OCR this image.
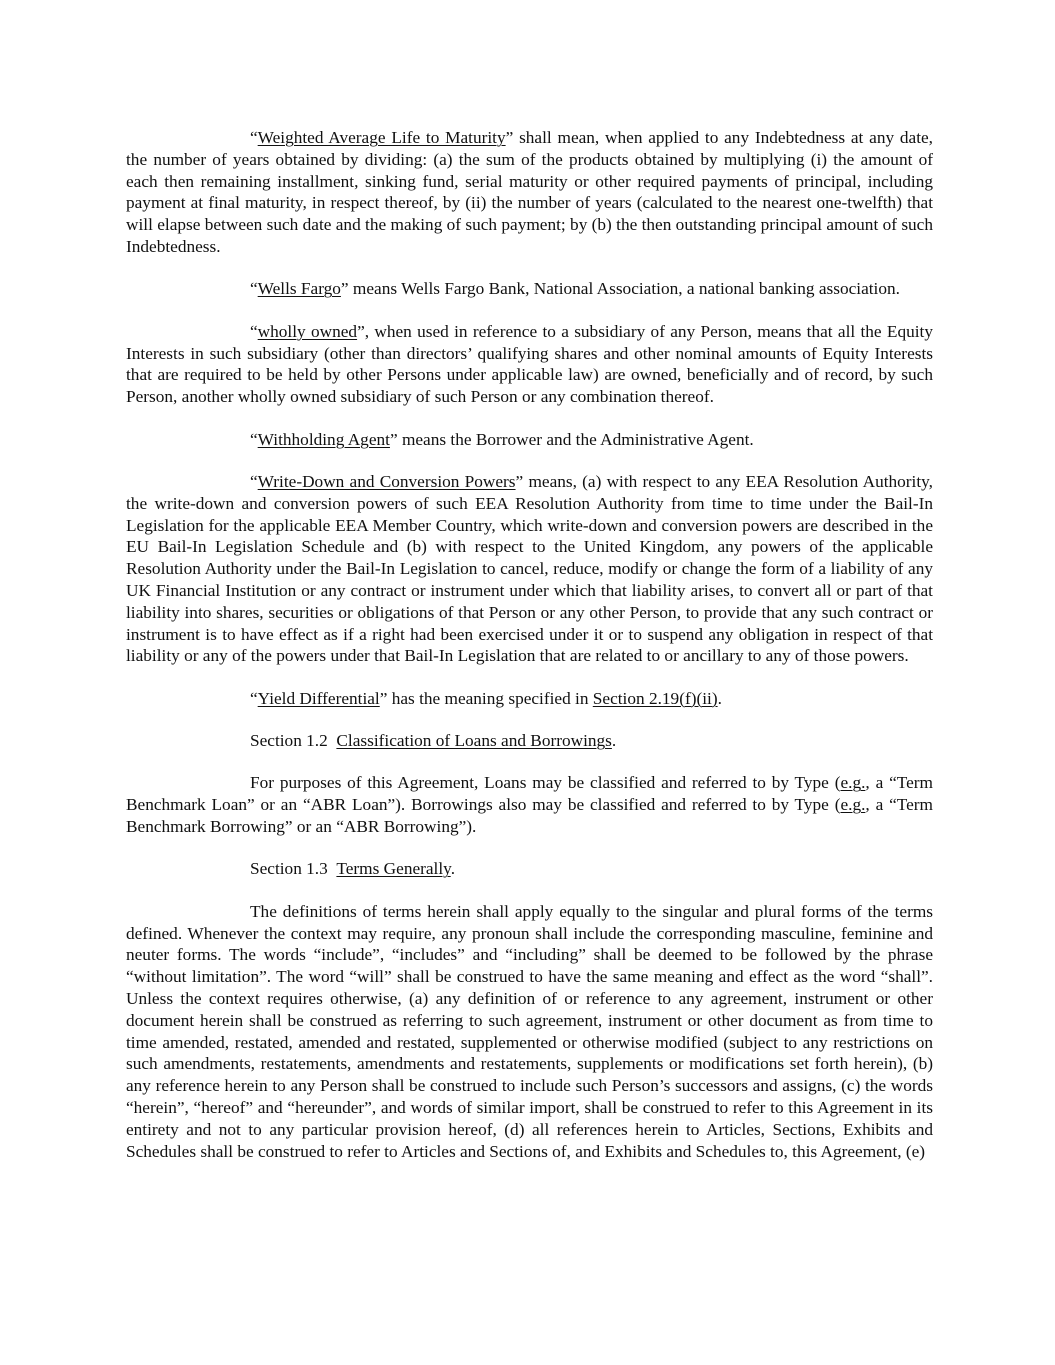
“Weighted Average Life to Maturity” shall mean, when applied to any Indebtedness at any date, the number of years obtained by dividing: (a) the sum of the products obtained by multiplying (i) the amount of each then remaining installment, sinking fund, serial maturity or other required payments of principal, including payment at final maturity, in respect thereof, by (ii) the number of years (calculated to the nearest one-twelfth) that will elapse between such date and the making of such payment; by (b) the then outstanding principal amount of such Indebtedness.

“Wells Fargo” means Wells Fargo Bank, National Association, a national banking association.

“wholly owned”, when used in reference to a subsidiary of any Person, means that all the Equity Interests in such subsidiary (other than directors’ qualifying shares and other nominal amounts of Equity Interests that are required to be held by other Persons under applicable law) are owned, beneficially and of record, by such Person, another wholly owned subsidiary of such Person or any combination thereof.

“Withholding Agent” means the Borrower and the Administrative Agent.

“Write-Down and Conversion Powers” means, (a) with respect to any EEA Resolution Authority, the write-down and conversion powers of such EEA Resolution Authority from time to time under the Bail-In Legislation for the applicable EEA Member Country, which write-down and conversion powers are described in the EU Bail-In Legislation Schedule and (b) with respect to the United Kingdom, any powers of the applicable Resolution Authority under the Bail-In Legislation to cancel, reduce, modify or change the form of a liability of any UK Financial Institution or any contract or instrument under which that liability arises, to convert all or part of that liability into shares, securities or obligations of that Person or any other Person, to provide that any such contract or instrument is to have effect as if a right had been exercised under it or to suspend any obligation in respect of that liability or any of the powers under that Bail-In Legislation that are related to or ancillary to any of those powers.

“Yield Differential” has the meaning specified in Section 2.19(f)(ii).

Section 1.2 Classification of Loans and Borrowings.

For purposes of this Agreement, Loans may be classified and referred to by Type (e.g., a “Term Benchmark Loan” or an “ABR Loan”). Borrowings also may be classified and referred to by Type (e.g., a “Term Benchmark Borrowing” or an “ABR Borrowing”).

Section 1.3 Terms Generally.

The definitions of terms herein shall apply equally to the singular and plural forms of the terms defined. Whenever the context may require, any pronoun shall include the corresponding masculine, feminine and neuter forms. The words “include”, “includes” and “including” shall be deemed to be followed by the phrase “without limitation”. The word “will” shall be construed to have the same meaning and effect as the word “shall”. Unless the context requires otherwise, (a) any definition of or reference to any agreement, instrument or other document herein shall be construed as referring to such agreement, instrument or other document as from time to time amended, restated, amended and restated, supplemented or otherwise modified (subject to any restrictions on such amendments, restatements, amendments and restatements, supplements or modifications set forth herein), (b) any reference herein to any Person shall be construed to include such Person’s successors and assigns, (c) the words “herein”, “hereof” and “hereunder”, and words of similar import, shall be construed to refer to this Agreement in its entirety and not to any particular provision hereof, (d) all references herein to Articles, Sections, Exhibits and Schedules shall be construed to refer to Articles and Sections of, and Exhibits and Schedules to, this Agreement, (e)
